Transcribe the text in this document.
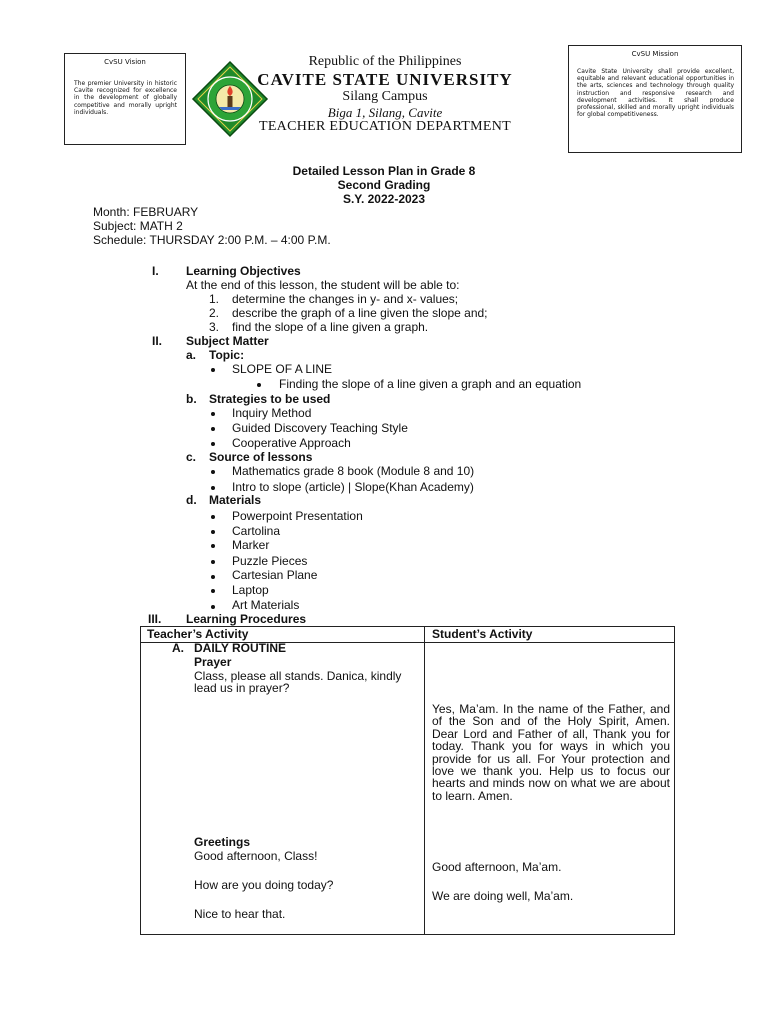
CvSU Vision
The premier University in historic Cavite recognized for excellence in the development of globally competitive and morally upright individuals.
Republic of the Philippines
CAVITE STATE UNIVERSITY
Silang Campus
Biga 1, Silang, Cavite
TEACHER EDUCATION DEPARTMENT
CvSU Mission
Cavite State University shall provide excellent, equitable and relevant educational opportunities in the arts, sciences and technology through quality instruction and responsive research and development activities. It shall produce professional, skilled and morally upright individuals for global competitiveness.
Detailed Lesson Plan in Grade 8
Second Grading
S.Y. 2022-2023
Month: FEBRUARY
Subject: MATH 2
Schedule: THURSDAY 2:00 P.M. – 4:00 P.M.
I. Learning Objectives
At the end of this lesson, the student will be able to:
1. determine the changes in y- and x- values;
2. describe the graph of a line given the slope and;
3. find the slope of a line given a graph.
II. Subject Matter
a. Topic:
SLOPE OF A LINE
Finding the slope of a line given a graph and an equation
b. Strategies to be used
Inquiry Method
Guided Discovery Teaching Style
Cooperative Approach
c. Source of lessons
Mathematics grade 8 book (Module 8 and 10)
Intro to slope (article) | Slope(Khan Academy)
d. Materials
Powerpoint Presentation
Cartolina
Marker
Puzzle Pieces
Cartesian Plane
Laptop
Art Materials
III. Learning Procedures
Teacher’s Activity	Student’s Activity
A. DAILY ROUTINE
Prayer
Class, please all stands. Danica, kindly lead us in prayer?
Yes, Ma’am. In the name of the Father, and of the Son and of the Holy Spirit, Amen. Dear Lord and Father of all, Thank you for today. Thank you for ways in which you provide for us all. For Your protection and love we thank you. Help us to focus our hearts and minds now on what we are about to learn. Amen.
Greetings
Good afternoon, Class!
How are you doing today?
Nice to hear that.
Good afternoon, Ma’am.
We are doing well, Ma’am.
